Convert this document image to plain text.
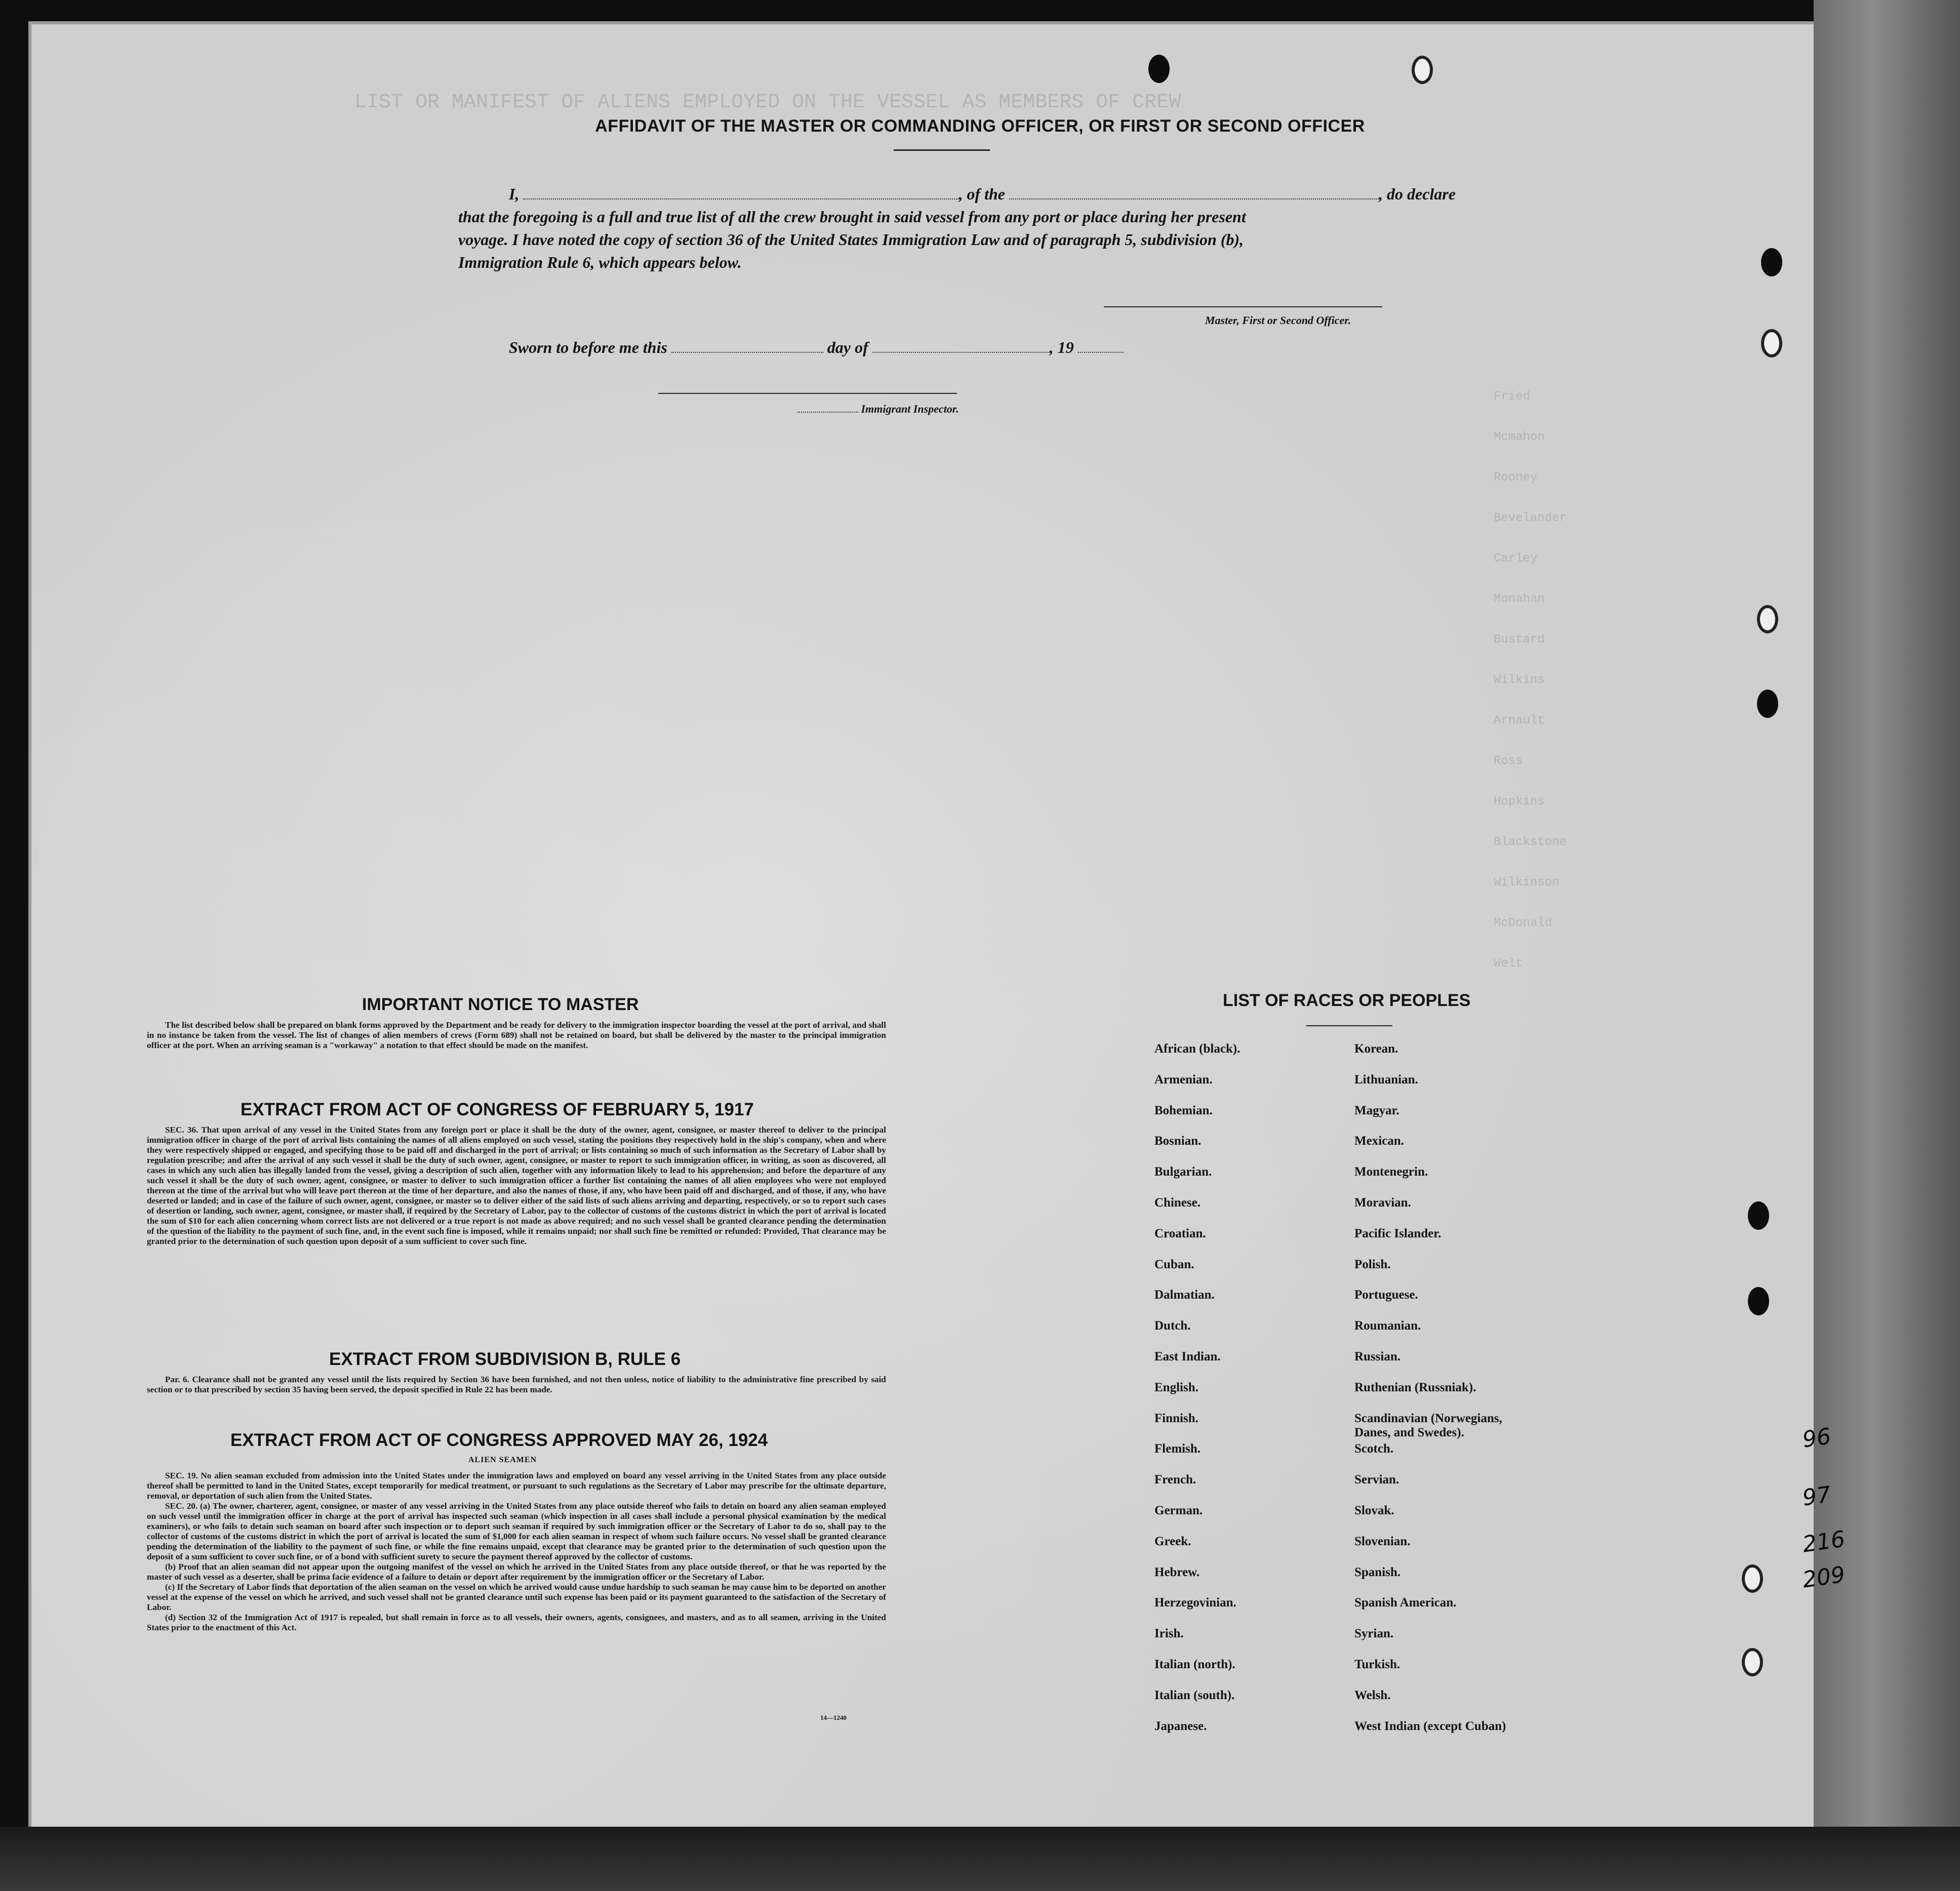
LIST OR MANIFEST OF ALIENS EMPLOYED ON THE VESSEL AS MEMBERS OF CREW
Fried
Mcmahon
Rooney
Bevelander
Carley
Monahan
Bustard
Wilkins
Arnault
Ross
Hopkins
Blackstone
Wilkinson
McDonald
Welt
AFFIDAVIT OF THE MASTER OR COMMANDING OFFICER, OR FIRST OR SECOND OFFICER
I,	, of the	, do declare
that the foregoing is a full and true list of all the crew brought in said vessel from any port or place during her present
voyage. I have noted the copy of section 36 of the United States Immigration Law and of paragraph 5, subdivision (b),
Immigration Rule 6, which appears below.
Master, First or Second Officer.
Sworn to before me this	day of	, 19
Immigrant Inspector.
IMPORTANT NOTICE TO MASTER

The list described below shall be prepared on blank forms approved by the Department and be ready for delivery to the immigration inspector boarding the vessel at the port of arrival, and shall in no instance be taken from the vessel. The list of changes of alien members of crews (Form 689) shall not be retained on board, but shall be delivered by the master to the principal immigration officer at the port. When an arriving seaman is a "workaway" a notation to that effect should be made on the manifest.

EXTRACT FROM ACT OF CONGRESS OF FEBRUARY 5, 1917

SEC. 36. That upon arrival of any vessel in the United States from any foreign port or place it shall be the duty of the owner, agent, consignee, or master thereof to deliver to the principal immigration officer in charge of the port of arrival lists containing the names of all aliens employed on such vessel, stating the positions they respectively hold in the ship's company, when and where they were respectively shipped or engaged, and specifying those to be paid off and discharged in the port of arrival; or lists containing so much of such information as the Secretary of Labor shall by regulation prescribe; and after the arrival of any such vessel it shall be the duty of such owner, agent, consignee, or master to report to such immigration officer, in writing, as soon as discovered, all cases in which any such alien has illegally landed from the vessel, giving a description of such alien, together with any information likely to lead to his apprehension; and before the departure of any such vessel it shall be the duty of such owner, agent, consignee, or master to deliver to such immigration officer a further list containing the names of all alien employees who were not employed thereon at the time of the arrival but who will leave port thereon at the time of her departure, and also the names of those, if any, who have been paid off and discharged, and of those, if any, who have deserted or landed; and in case of the failure of such owner, agent, consignee, or master so to deliver either of the said lists of such aliens arriving and departing, respectively, or so to report such cases of desertion or landing, such owner, agent, consignee, or master shall, if required by the Secretary of Labor, pay to the collector of customs of the customs district in which the port of arrival is located the sum of $10 for each alien concerning whom correct lists are not delivered or a true report is not made as above required; and no such vessel shall be granted clearance pending the determination of the question of the liability to the payment of such fine, and, in the event such fine is imposed, while it remains unpaid; nor shall such fine be remitted or refunded: Provided, That clearance may be granted prior to the determination of such question upon deposit of a sum sufficient to cover such fine.

EXTRACT FROM SUBDIVISION B, RULE 6

Par. 6. Clearance shall not be granted any vessel until the lists required by Section 36 have been furnished, and not then unless, notice of liability to the administrative fine prescribed by said section or to that prescribed by section 35 having been served, the deposit specified in Rule 22 has been made.

EXTRACT FROM ACT OF CONGRESS APPROVED MAY 26, 1924
ALIEN SEAMEN

SEC. 19. No alien seaman excluded from admission into the United States under the immigration laws and employed on board any vessel arriving in the United States from any place outside thereof shall be permitted to land in the United States, except temporarily for medical treatment, or pursuant to such regulations as the Secretary of Labor may prescribe for the ultimate departure, removal, or deportation of such alien from the United States.

SEC. 20. (a) The owner, charterer, agent, consignee, or master of any vessel arriving in the United States from any place outside thereof who fails to detain on board any alien seaman employed on such vessel until the immigration officer in charge at the port of arrival has inspected such seaman (which inspection in all cases shall include a personal physical examination by the medical examiners), or who fails to detain such seaman on board after such inspection or to deport such seaman if required by such immigration officer or the Secretary of Labor to do so, shall pay to the collector of customs of the customs district in which the port of arrival is located the sum of $1,000 for each alien seaman in respect of whom such failure occurs. No vessel shall be granted clearance pending the determination of the liability to the payment of such fine, or while the fine remains unpaid, except that clearance may be granted prior to the determination of such question upon the deposit of a sum sufficient to cover such fine, or of a bond with sufficient surety to secure the payment thereof approved by the collector of customs.

(b) Proof that an alien seaman did not appear upon the outgoing manifest of the vessel on which he arrived in the United States from any place outside thereof, or that he was reported by the master of such vessel as a deserter, shall be prima facie evidence of a failure to detain or deport after requirement by the immigration officer or the Secretary of Labor.

(c) If the Secretary of Labor finds that deportation of the alien seaman on the vessel on which he arrived would cause undue hardship to such seaman he may cause him to be deported on another vessel at the expense of the vessel on which he arrived, and such vessel shall not be granted clearance until such expense has been paid or its payment guaranteed to the satisfaction of the Secretary of Labor.

(d) Section 32 of the Immigration Act of 1917 is repealed, but shall remain in force as to all vessels, their owners, agents, consignees, and masters, and as to all seamen, arriving in the United States prior to the enactment of this Act.

14—1240
LIST OF RACES OR PEOPLES
African (black).
Armenian.
Bohemian.
Bosnian.
Bulgarian.
Chinese.
Croatian.
Cuban.
Dalmatian.
Dutch.
East Indian.
English.
Finnish.
Flemish.
French.
German.
Greek.
Hebrew.
Herzegovinian.
Irish.
Italian (north).
Italian (south).
Japanese.
Korean.
Lithuanian.
Magyar.
Mexican.
Montenegrin.
Moravian.
Pacific Islander.
Polish.
Portuguese.
Roumanian.
Russian.
Ruthenian (Russniak).
Scandinavian (Norwegians, Danes, and Swedes).
Scotch.
Servian.
Slovak.
Slovenian.
Spanish.
Spanish American.
Syrian.
Turkish.
Welsh.
West Indian (except Cuban)
96
97
216
209
